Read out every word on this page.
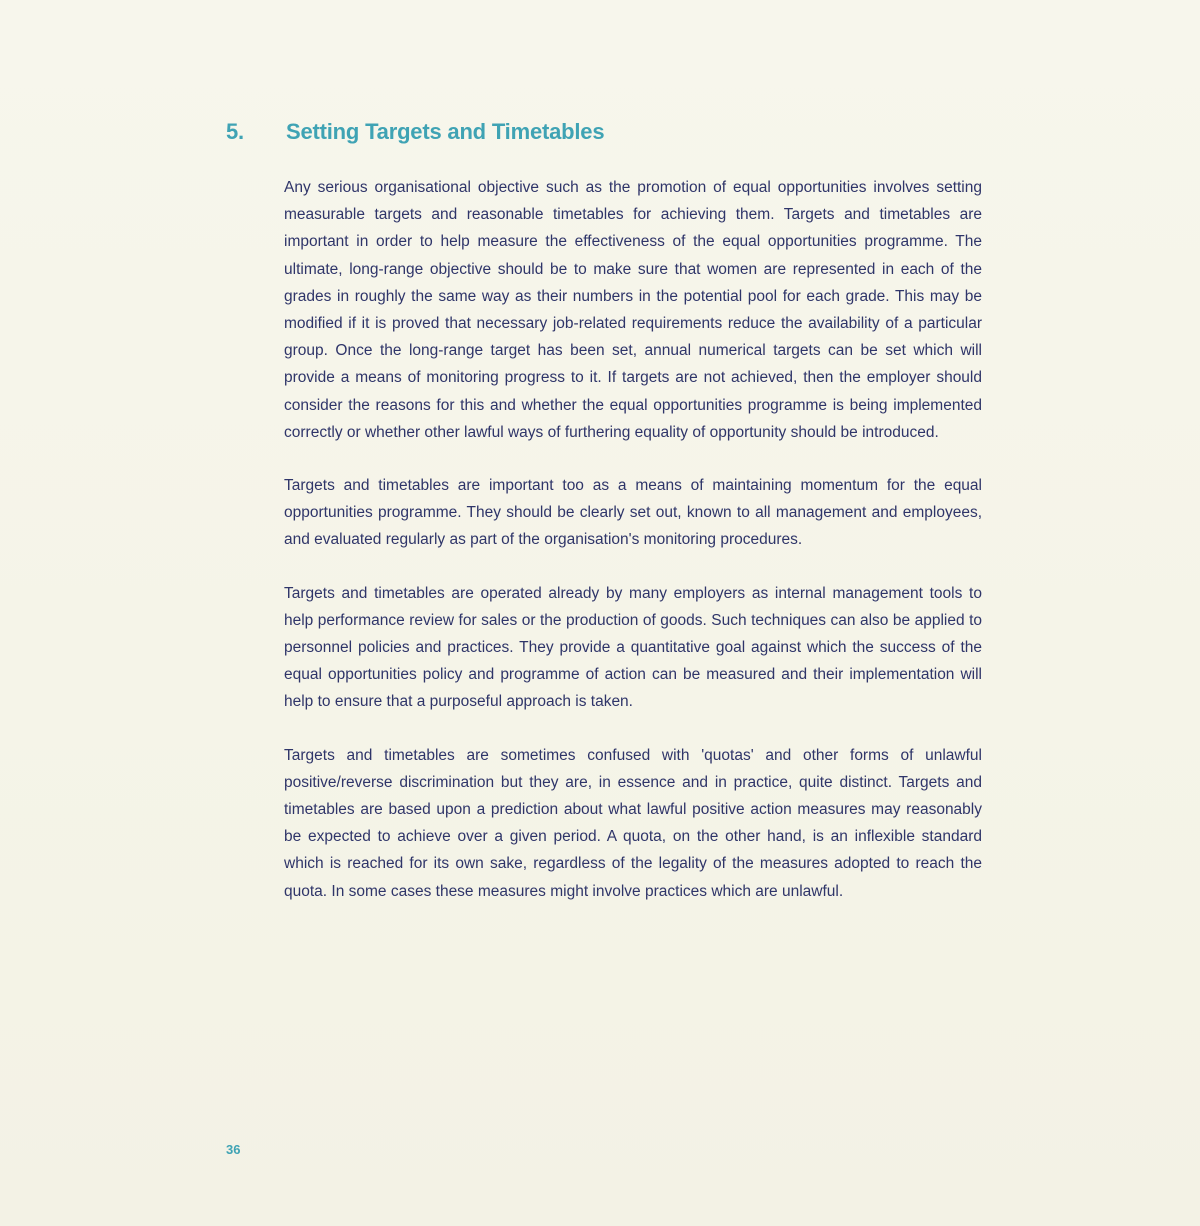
5.	Setting Targets and Timetables

Any serious organisational objective such as the promotion of equal opportunities involves setting measurable targets and reasonable timetables for achieving them. Targets and timetables are important in order to help measure the effectiveness of the equal opportunities programme. The ultimate, long-range objective should be to make sure that women are represented in each of the grades in roughly the same way as their numbers in the potential pool for each grade. This may be modified if it is proved that necessary job-related requirements reduce the availability of a particular group. Once the long-range target has been set, annual numerical targets can be set which will provide a means of monitoring progress to it. If targets are not achieved, then the employer should consider the reasons for this and whether the equal opportunities programme is being implemented correctly or whether other lawful ways of furthering equality of opportunity should be introduced.

Targets and timetables are important too as a means of maintaining momentum for the equal opportunities programme. They should be clearly set out, known to all management and employees, and evaluated regularly as part of the organisation's monitoring procedures.

Targets and timetables are operated already by many employers as internal management tools to help performance review for sales or the production of goods. Such techniques can also be applied to personnel policies and practices. They provide a quantitative goal against which the success of the equal opportunities policy and programme of action can be measured and their implementation will help to ensure that a purposeful approach is taken.

Targets and timetables are sometimes confused with 'quotas' and other forms of unlawful positive/reverse discrimination but they are, in essence and in practice, quite distinct. Targets and timetables are based upon a prediction about what lawful positive action measures may reasonably be expected to achieve over a given period. A quota, on the other hand, is an inflexible standard which is reached for its own sake, regardless of the legality of the measures adopted to reach the quota. In some cases these measures might involve practices which are unlawful.

36
